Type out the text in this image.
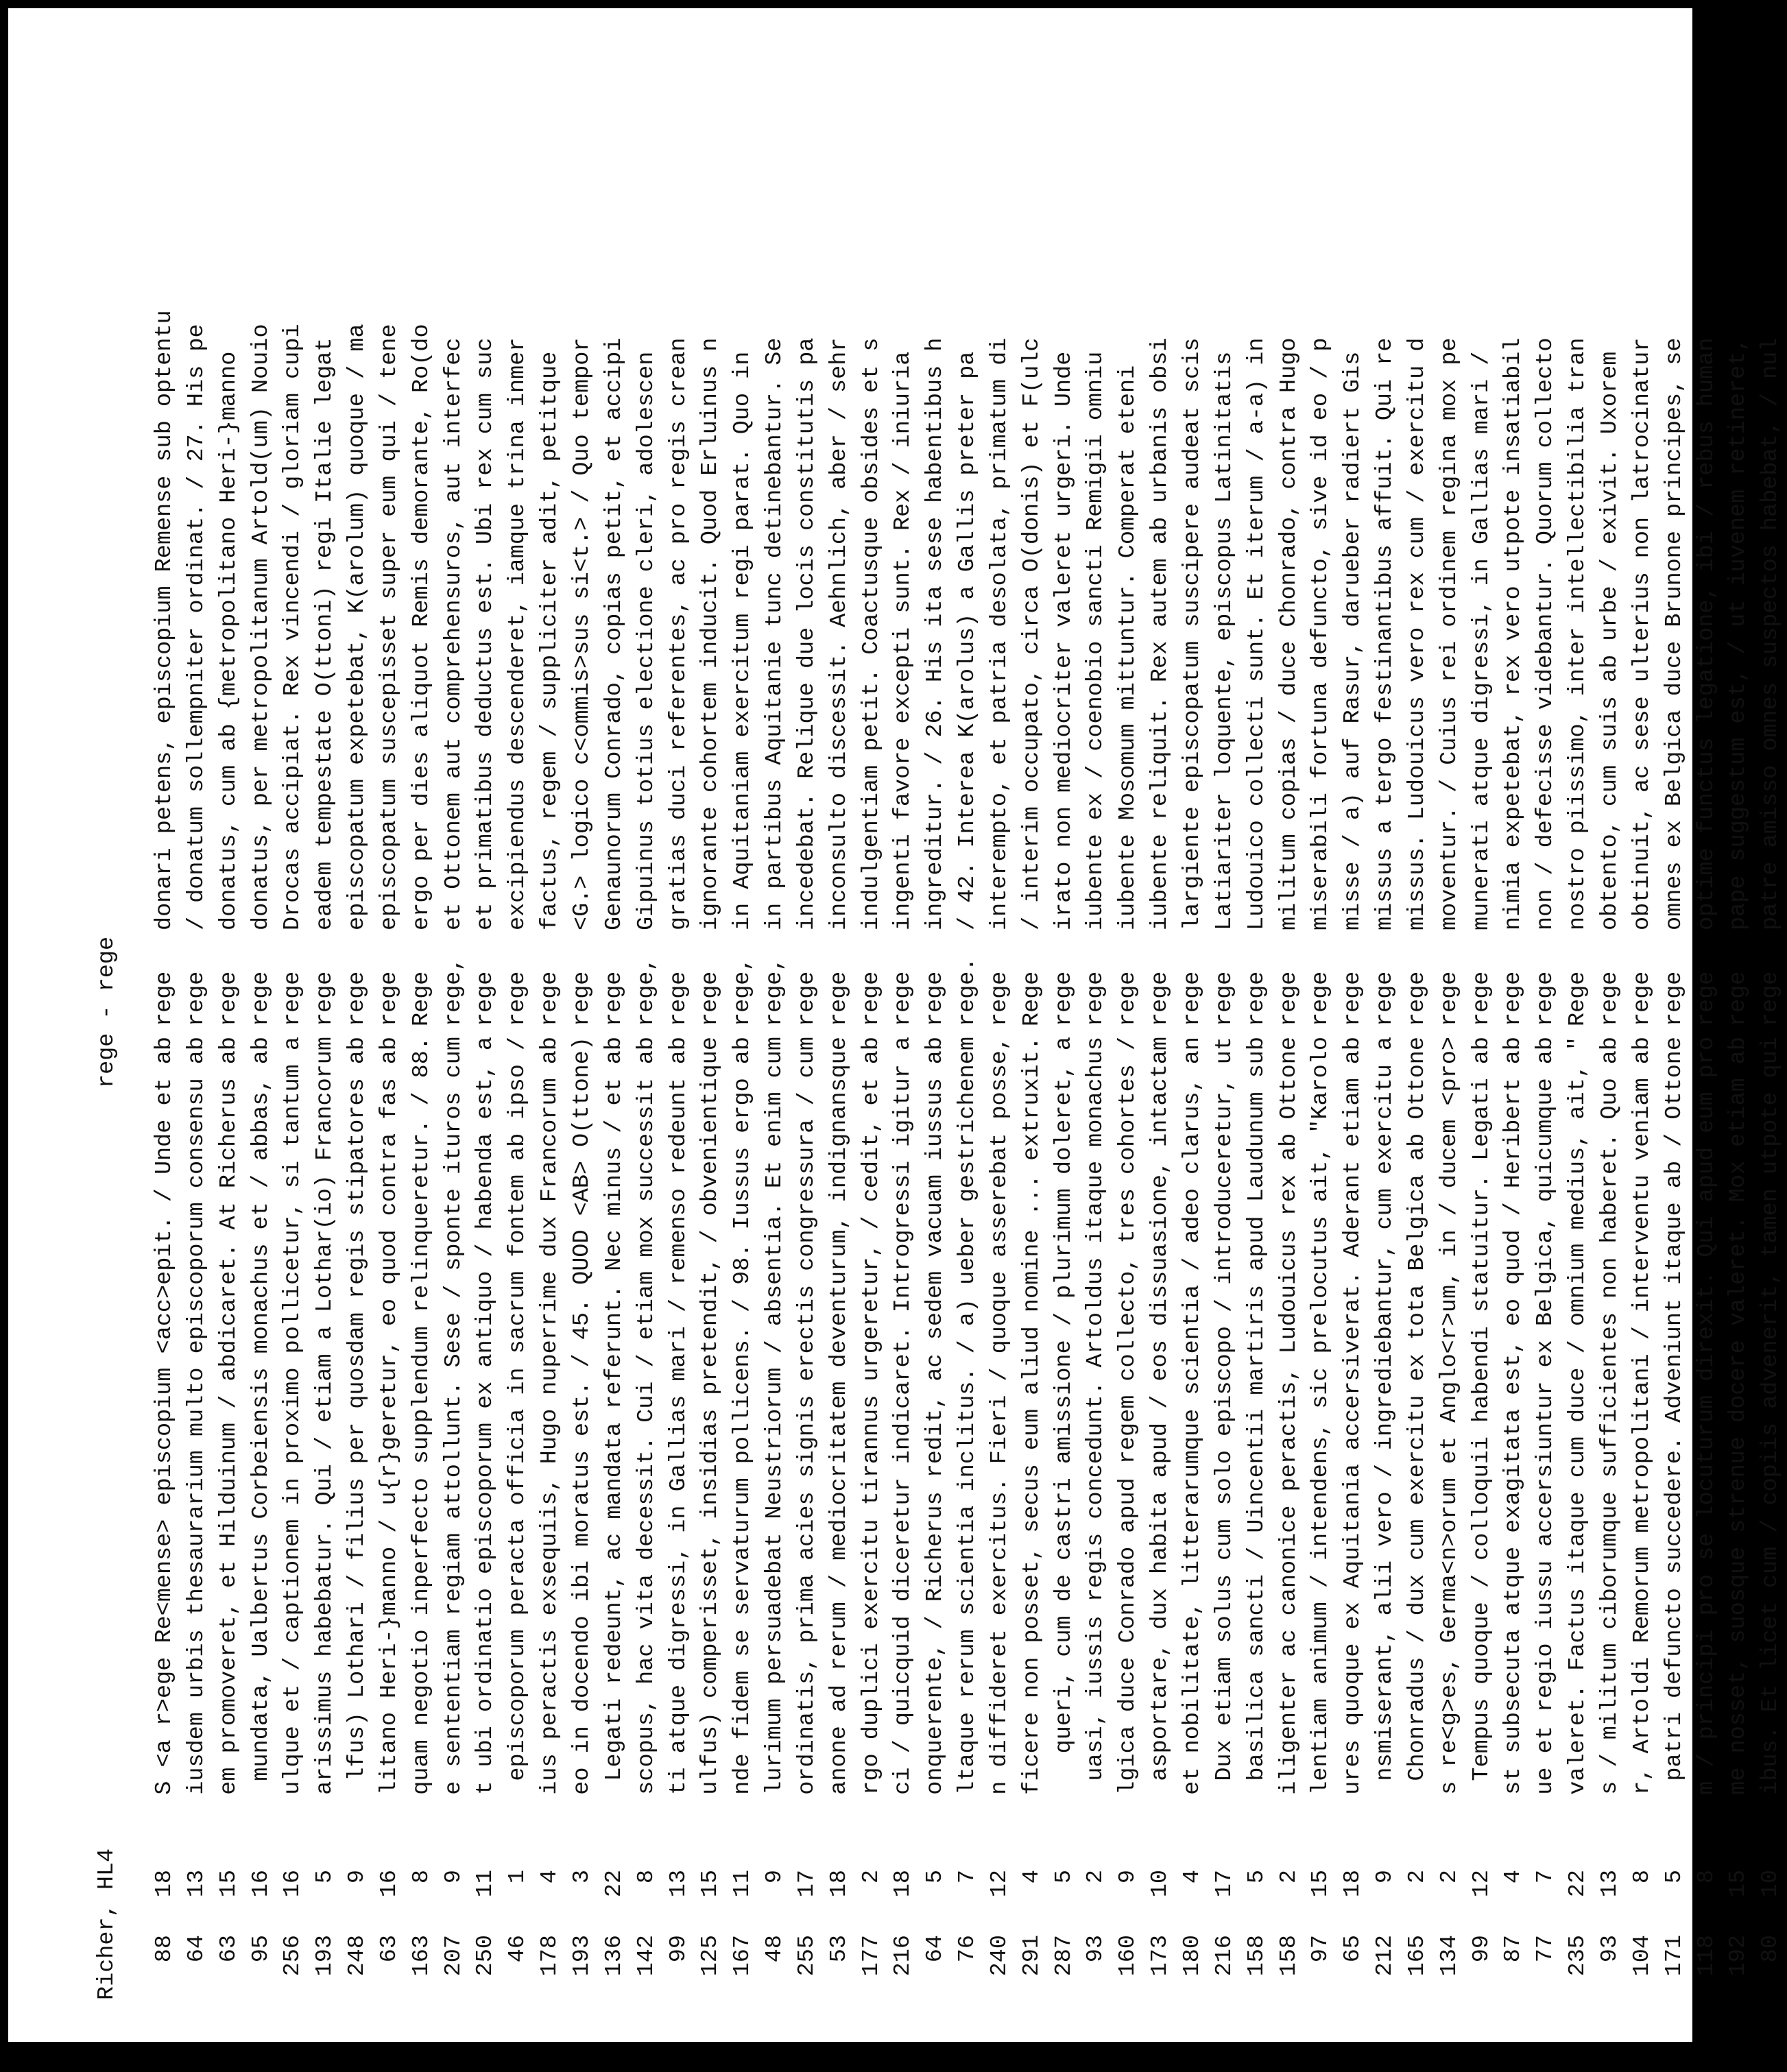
Richer, HL4
rege - rege
88
18
S <a r>ege Re<mense> episcopium <acc>epit. / Unde et ab
rege
donari petens, episcopium Remense sub optentu
64
13
iusdem urbis thesaurarium multo episcoporum consensu ab
rege
/ donatum sollempniter ordinat. / 27. His pe
63
15
em promoveret, et Hilduinum / abdicaret. At Richerus ab
rege
donatus, cum ab {metropolitano Heri-}manno
95
16
mundata, Ualbertus Corbeiensis monachus et / abbas, ab
rege
donatus, per metropolitanum Artold(um) Nouio
256
16
ulque et / captionem in proximo pollicetur, si tantum a
rege
Drocas accipiat. Rex vincendi / gloriam cupi
193
5
arissimus habebatur. Qui / etiam a Lothar(io) Francorum
rege
eadem tempestate O(ttoni) regi Italie legat
248
9
lfus) Lothari / filius per quosdam regis stipatores ab
rege
episcopatum expetebat, K(arolum) quoque / ma
63
16
litano Heri-}manno / u{r}geretur, eo quod contra fas ab
rege
episcopatum suscepisset super eum qui / tene
163
8
quam negotio inperfecto supplendum relinqueretur. / 88.
Rege
ergo per dies aliquot Remis demorante, Ro(do
207
9
e sententiam regiam attollunt. Sese / sponte ituros cum
rege,
et Ottonem aut comprehensuros, aut interfec
250
11
t ubi ordinatio episcoporum ex antiquo / habenda est, a
rege
et primatibus deductus est. Ubi rex cum suc
46
1
episcoporum peracta officia in sacrum fontem ab ipso /
rege
excipiendus descenderet, iamque trina inmer
178
4
ius peractis exsequiis, Hugo nuperrime dux Francorum ab
rege
factus, regem / suppliciter adit, petitque
193
3
eo in docendo ibi moratus est. / 45. QUOD <AB> O(ttone)
rege
<G.> logico c<ommis>sus si<t.> / Quo tempor
136
22
Legati redeunt, ac mandata referunt. Nec minus / et ab
rege
Genaunorum Conrado, copias petit, et accipi
142
8
scopus, hac vita decessit. Cui / etiam mox successit ab
rege,
Gipuinus totius electione cleri, adolescen
99
13
ti atque digressi, in Gallias mari / remenso redeunt ab
rege
gratias duci referentes, ac pro regis crean
125
15
ulfus) comperisset, insidias pretendit, / obvenientique
rege
ignorante cohortem inducit. Quod Erluinus n
167
11
nde fidem se servaturum pollicens. / 98. Iussus ergo ab
rege,
in Aquitaniam exercitum regi parat. Quo in
48
9
lurimum persuadebat Neustriorum / absentia. Et enim cum
rege,
in partibus Aquitanie tunc detinebantur. Se
255
17
ordinatis, prima acies signis erectis congressura / cum
rege
incedebat. Relique due locis constitutis pa
53
18
anone ad rerum / mediocritatem deventurum, indignansque
rege
inconsulto discessit. Aehnlich, aber / sehr
177
2
rgo duplici exercitu tirannus urgeretur, / cedit, et ab
rege
indulgentiam petit. Coactusque obsides et s
216
18
ci / quicquid diceretur indicaret. Introgressi igitur a
rege
ingenti favore excepti sunt. Rex / iniuria
64
5
onquerente, / Richerus redit, ac sedem vacuam iussus ab
rege
ingreditur. / 26. His ita sese habentibus h
76
7
ltaque rerum scientia inclitus. / a) ueber gestrichenem
rege.
/ 42. Interea K(arolus) a Gallis preter pa
240
12
n diffideret exercitus. Fieri / quoque asserebat posse,
rege
interempto, et patria desolata, primatum di
291
4
ficere non posset, secus eum aliud nomine ... extruxit.
Rege
/ interim occupato, circa O(donis) et F(ulc
287
5
queri, cum de castri amissione / plurimum doleret, a
rege
irato non mediocriter valeret urgeri. Unde
93
2
uasi, iussis regis concedunt. Artoldus itaque monachus
rege
iubente ex / coenobio sancti Remigii omniu
160
9
lgica duce Conrado apud regem collecto, tres cohortes /
rege
iubente Mosomum mittuntur. Comperat eteni
173
10
asportare, dux habita apud / eos dissuasione, intactam
rege
iubente reliquit. Rex autem ab urbanis obsi
180
4
et nobilitate, litterarumque scientia / adeo clarus, an
rege
largiente episcopatum suscipere audeat scis
216
17
Dux etiam solus cum solo episcopo / introduceretur, ut
rege
Latiariter loquente, episcopus Latinitatis
158
5
basilica sancti / Uincentii martiris apud Laudunum sub
rege
Ludouico collecti sunt. Et iterum / a-a) in
158
2
iligenter ac canonice peractis, Ludouicus rex ab Ottone
rege
militum copias / duce Chonrado, contra Hugo
97
15
lentiam animum / intendens, sic prelocutus ait, "Karolo
rege
miserabili fortuna defuncto, sive id eo / p
65
18
ures quoque ex Aquitania accersiverat. Aderant etiam ab
rege
misse / a) auf Rasur, darueber radiert Gis
212
9
nsmiserant, alii vero / ingrediebantur, cum exercitu a
rege
missus a tergo festinantibus affuit. Qui re
165
2
Chonradus / dux cum exercitu ex tota Belgica ab Ottone
rege
missus. Ludouicus vero rex cum / exercitu d
134
2
s re<g>es, Germa<n>orum et Anglo<r>um, in / ducem <pro>
rege
moventur. / Cuius rei ordinem regina mox pe
99
12
Tempus quoque / colloquii habendi statuitur. Legati ab
rege
munerati atque digressi, in Gallias mari /
87
4
st subsecuta atque exagitata est, eo quod / Heribert ab
rege
nimia expetebat, rex vero utpote insatiabil
77
7
ue et regio iussu accersiuntur ex Belgica, quicumque ab
rege
non / defecisse videbantur. Quorum collecto
235
22
valeret. Factus itaque cum duce / omnium medius, ait, "
Rege
nostro piissimo, inter intellectibilia tran
93
13
s / militum ciborumque sufficientes non haberet. Quo ab
rege
obtento, cum suis ab urbe / exivit. Uxorem
104
8
r, Artoldi Remorum metropolitani / interventu veniam ab
rege
obtinuit, ac sese ulterius non latrocinatur
171
5
patri defuncto succedere. Adveniunt itaque ab / Ottone
rege
omnes ex Belgica duce Brunone principes, se
118
8
m / principi pro se locuturum direxit. Qui apud eum pro
rege
optime functus legatione, ibi / rebus human
192
15
me nosset, suosque strenue docere valeret. Mox etiam ab
rege
pape suggestum est, / ut iuvenem retineret,
80
10
ibus. Et licet cum / copiis advenerit, tamen utpote qui
rege
patre amisso omnes suspectos habebat, / nul
